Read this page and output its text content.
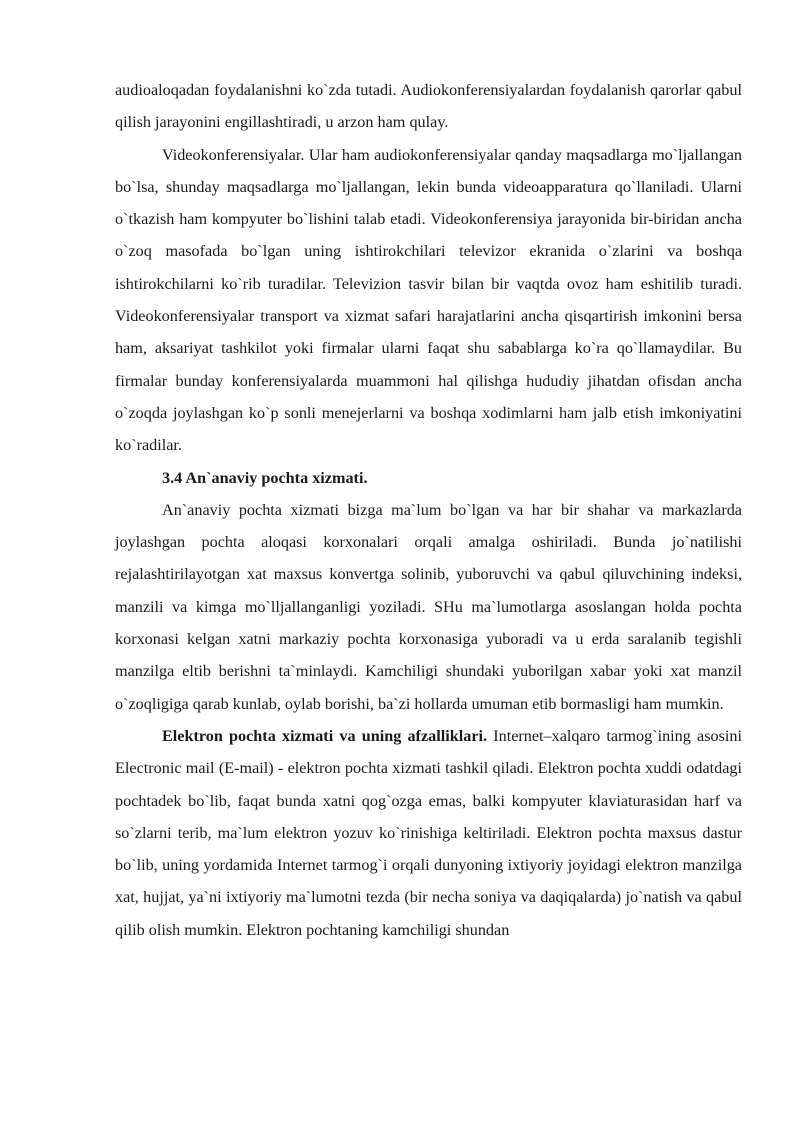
audioaloqadan foydalanishni ko`zda tutadi. Audiokonferensiyalardan foydalanish qarorlar qabul qilish jarayonini engillashtiradi, u arzon ham qulay.

Videokonferensiyalar. Ular ham audiokonferensiyalar qanday maqsadlarga mo`ljallangan bo`lsa, shunday maqsadlarga mo`ljallangan, lekin bunda videoapparatura qo`llaniladi. Ularni o`tkazish ham kompyuter bo`lishini talab etadi. Videokonferensiya jarayonida bir-biridan ancha o`zoq masofada bo`lgan uning ishtirokchilari televizor ekranida o`zlarini va boshqa ishtirokchilarni ko`rib turadilar. Televizion tasvir bilan bir vaqtda ovoz ham eshitilib turadi. Videokonferensiyalar transport va xizmat safari harajatlarini ancha qisqartirish imkonini bersa ham, aksariyat tashkilot yoki firmalar ularni faqat shu sabablarga ko`ra qo`llamaydilar. Bu firmalar bunday konferensiyalarda muammoni hal qilishga hududiy jihatdan ofisdan ancha o`zoqda joylashgan ko`p sonli menejerlarni va boshqa xodimlarni ham jalb etish imkoniyatini ko`radilar.

3.4 An`anaviy pochta xizmati.

An`anaviy pochta xizmati bizga ma`lum bo`lgan va har bir shahar va markazlarda joylashgan pochta aloqasi korxonalari orqali amalga oshiriladi. Bunda jo`natilishi rejalashtirilayotgan xat maxsus konvertga solinib, yuboruvchi va qabul qiluvchining indeksi, manzili va kimga mo`lljallanganligi yoziladi. SHu ma`lumotlarga asoslangan holda pochta korxonasi kelgan xatni markaziy pochta korxonasiga yuboradi va u erda saralanib tegishli manzilga eltib berishni ta`minlaydi. Kamchiligi shundaki yuborilgan xabar yoki xat manzil o`zoqligiga qarab kunlab, oylab borishi, ba`zi hollarda umuman etib bormasligi ham mumkin.

Elektron pochta xizmati va uning afzalliklari. Internet–xalqaro tarmog`ining asosini Electronic mail (E-mail) - elektron pochta xizmati tashkil qiladi. Elektron pochta xuddi odatdagi pochtadek bo`lib, faqat bunda xatni qog`ozga emas, balki kompyuter klaviaturasidan harf va so`zlarni terib, ma`lum elektron yozuv ko`rinishiga keltiriladi. Elektron pochta maxsus dastur bo`lib, uning yordamida Internet tarmog`i orqali dunyoning ixtiyoriy joyidagi elektron manzilga xat, hujjat, ya`ni ixtiyoriy ma`lumotni tezda (bir necha soniya va daqiqalarda) jo`natish va qabul qilib olish mumkin. Elektron pochtaning kamchiligi shundan
